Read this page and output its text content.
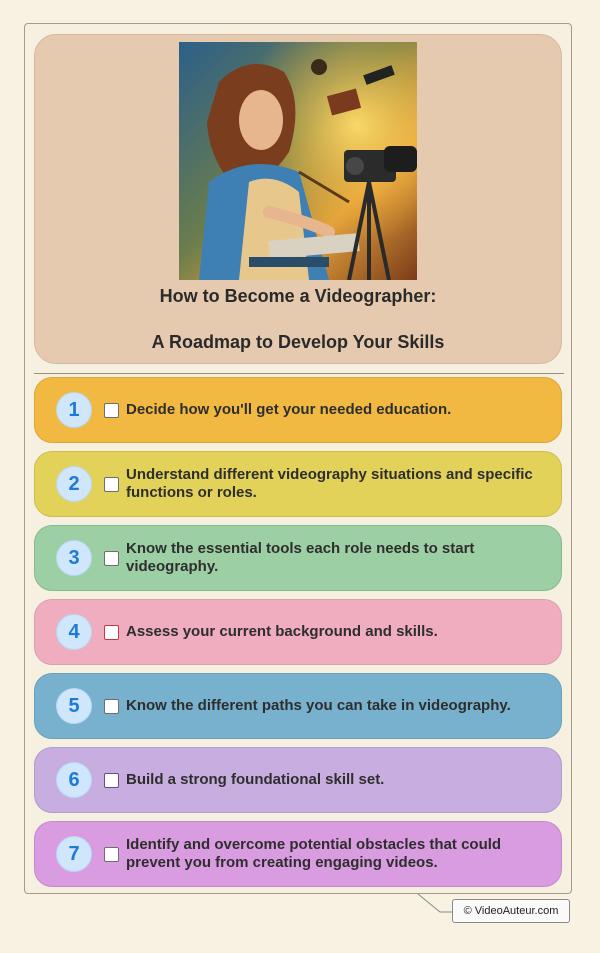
How to Become a Videographer:
A Roadmap to Develop Your Skills
1	Decide how you'll get your needed education.
2	Understand different videography situations and specific functions or roles.
3	Know the essential tools each role needs to start videography.
4	Assess your current background and skills.
5	Know the different paths you can take in videography.
6	Build a strong foundational skill set.
7	Identify and overcome potential obstacles that could prevent you from creating engaging videos.
© VideoAuteur.com
